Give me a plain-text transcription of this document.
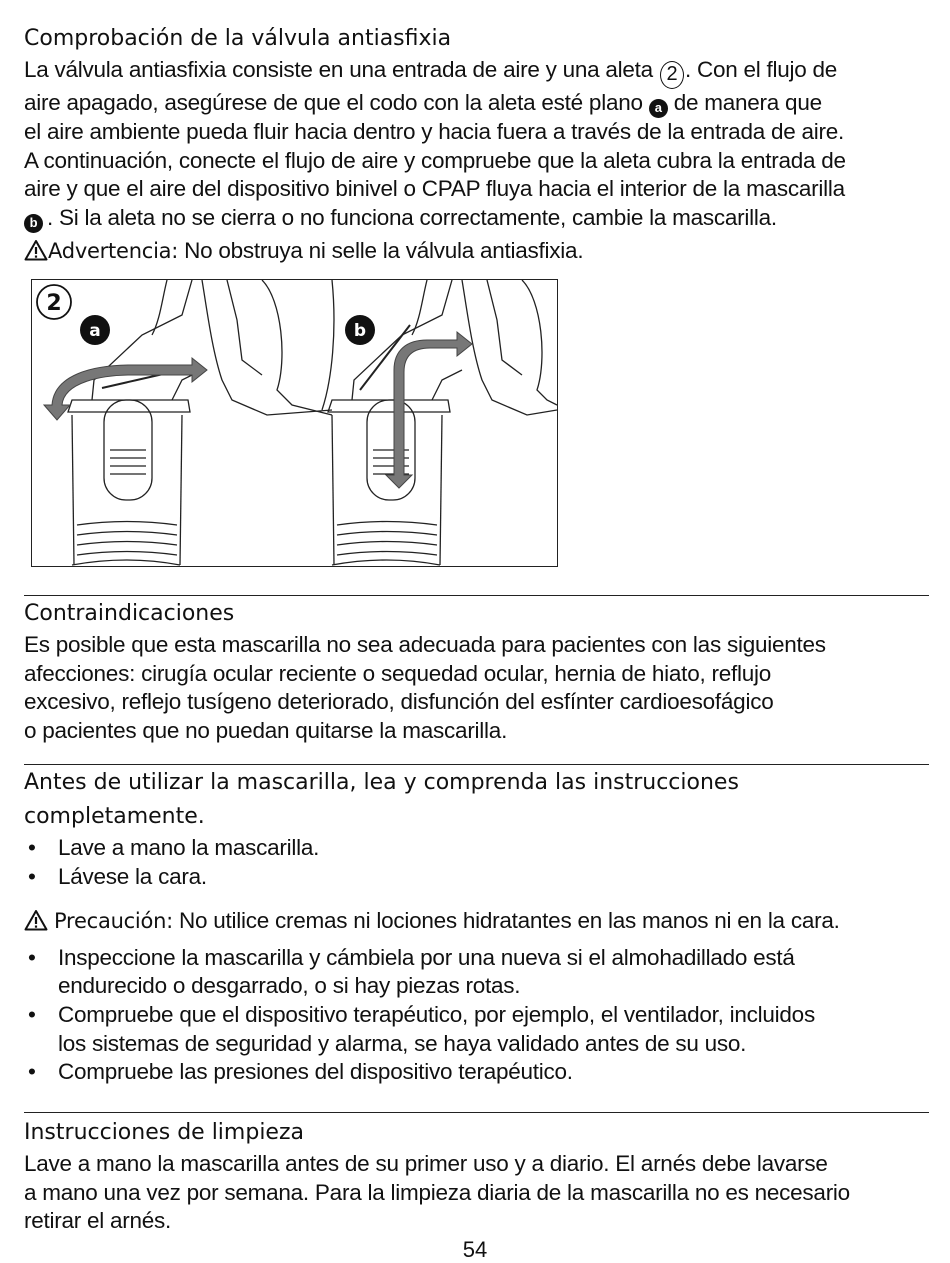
Comprobación de la válvula antiasfixia

La válvula antiasfixia consiste en una entrada de aire y una aleta 2 . Con el flujo de
aire apagado, asegúrese de que el codo con la aleta esté plano a de manera que
el aire ambiente pueda fluir hacia dentro y hacia fuera a través de la entrada de aire.
A continuación, conecte el flujo de aire y compruebe que la aleta cubra la entrada de
aire y que el aire del dispositivo binivel o CPAP fluya hacia el interior de la mascarilla
b . Si la aleta no se cierra o no funciona correctamente, cambie la mascarilla.

Advertencia: No obstruya ni selle la válvula antiasfixia.

2
a	b
Contraindicaciones

Es posible que esta mascarilla no sea adecuada para pacientes con las siguientes
afecciones: cirugía ocular reciente o sequedad ocular, hernia de hiato, reflujo
excesivo, reflejo tusígeno deteriorado, disfunción del esfínter cardioesofágico
o pacientes que no puedan quitarse la mascarilla.

Antes de utilizar la mascarilla, lea y comprenda las instrucciones
completamente.
• Lave a mano la mascarilla.
• Lávese la cara.

Precaución: No utilice cremas ni lociones hidratantes en las manos ni en la cara.

• Inspeccione la mascarilla y cámbiela por una nueva si el almohadillado está
endurecido o desgarrado, o si hay piezas rotas.
• Compruebe que el dispositivo terapéutico, por ejemplo, el ventilador, incluidos
los sistemas de seguridad y alarma, se haya validado antes de su uso.
• Compruebe las presiones del dispositivo terapéutico.
Instrucciones de limpieza

Lave a mano la mascarilla antes de su primer uso y a diario. El arnés debe lavarse
a mano una vez por semana. Para la limpieza diaria de la mascarilla no es necesario
retirar el arnés.

54
